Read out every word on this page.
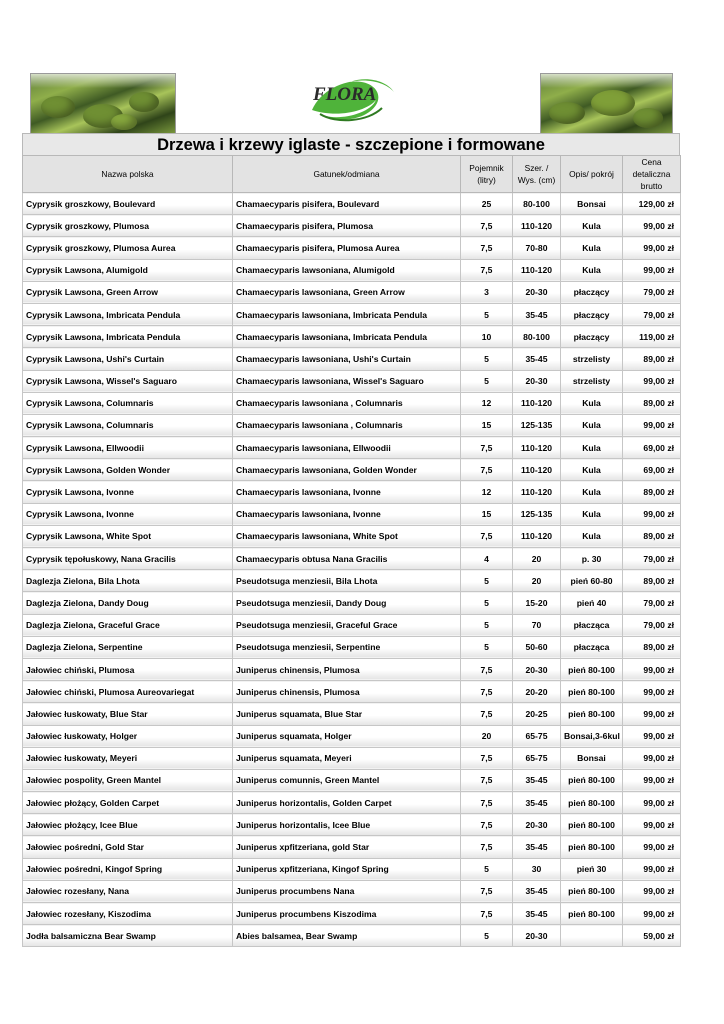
FLORA
Drzewa i krzewy iglaste - szczepione i formowane
Nazwa polska	Gatunek/odmiana	Pojemnik (litry)	Szer. / Wys. (cm)	Opis/ pokrój	Cena detaliczna brutto
Cyprysik groszkowy, Boulevard	Chamaecyparis pisifera, Boulevard	25	80-100	Bonsai	129,00 zł
Cyprysik groszkowy, Plumosa	Chamaecyparis pisifera, Plumosa	7,5	110-120	Kula	99,00 zł
Cyprysik groszkowy, Plumosa Aurea	Chamaecyparis pisifera, Plumosa Aurea	7,5	70-80	Kula	99,00 zł
Cyprysik Lawsona, Alumigold	Chamaecyparis lawsoniana, Alumigold	7,5	110-120	Kula	99,00 zł
Cyprysik Lawsona, Green Arrow	Chamaecyparis lawsoniana, Green Arrow	3	20-30	płaczący	79,00 zł
Cyprysik Lawsona, Imbricata Pendula	Chamaecyparis lawsoniana, Imbricata Pendula	5	35-45	płaczący	79,00 zł
Cyprysik Lawsona, Imbricata Pendula	Chamaecyparis lawsoniana, Imbricata Pendula	10	80-100	płaczący	119,00 zł
Cyprysik Lawsona, Ushi's Curtain	Chamaecyparis lawsoniana, Ushi's Curtain	5	35-45	strzelisty	89,00 zł
Cyprysik Lawsona, Wissel's Saguaro	Chamaecyparis lawsoniana, Wissel's Saguaro	5	20-30	strzelisty	99,00 zł
Cyprysik Lawsona, Columnaris	Chamaecyparis lawsoniana , Columnaris	12	110-120	Kula	89,00 zł
Cyprysik Lawsona, Columnaris	Chamaecyparis lawsoniana , Columnaris	15	125-135	Kula	99,00 zł
Cyprysik Lawsona, Ellwoodii	Chamaecyparis lawsoniana, Ellwoodii	7,5	110-120	Kula	69,00 zł
Cyprysik Lawsona, Golden Wonder	Chamaecyparis lawsoniana, Golden Wonder	7,5	110-120	Kula	69,00 zł
Cyprysik Lawsona, Ivonne	Chamaecyparis lawsoniana, Ivonne	12	110-120	Kula	89,00 zł
Cyprysik Lawsona, Ivonne	Chamaecyparis lawsoniana, Ivonne	15	125-135	Kula	99,00 zł
Cyprysik Lawsona, White Spot	Chamaecyparis lawsoniana, White Spot	7,5	110-120	Kula	89,00 zł
Cyprysik tępołuskowy, Nana Gracilis	Chamaecyparis obtusa Nana Gracilis	4	20	p. 30	79,00 zł
Daglezja Zielona, Bila Lhota	Pseudotsuga menziesii, Bila Lhota	5	20	pień 60-80	89,00 zł
Daglezja Zielona, Dandy Doug	Pseudotsuga menziesii, Dandy Doug	5	15-20	pień 40	79,00 zł
Daglezja Zielona, Graceful Grace	Pseudotsuga menziesii, Graceful Grace	5	70	płacząca	79,00 zł
Daglezja Zielona, Serpentine	Pseudotsuga menziesii, Serpentine	5	50-60	płacząca	89,00 zł
Jałowiec chiński, Plumosa	Juniperus chinensis, Plumosa	7,5	20-30	pień 80-100	99,00 zł
Jałowiec chiński, Plumosa Aureovariegat	Juniperus chinensis, Plumosa	7,5	20-20	pień 80-100	99,00 zł
Jałowiec łuskowaty, Blue Star	Juniperus squamata, Blue Star	7,5	20-25	pień 80-100	99,00 zł
Jałowiec łuskowaty, Holger	Juniperus squamata, Holger	20	65-75	Bonsai,3-6kul	99,00 zł
Jałowiec łuskowaty, Meyeri	Juniperus squamata, Meyeri	7,5	65-75	Bonsai	99,00 zł
Jałowiec pospolity, Green Mantel	Juniperus comunnis, Green Mantel	7,5	35-45	pień 80-100	99,00 zł
Jałowiec płożący, Golden Carpet	Juniperus horizontalis, Golden Carpet	7,5	35-45	pień 80-100	99,00 zł
Jałowiec płożący, Icee Blue	Juniperus horizontalis, Icee Blue	7,5	20-30	pień 80-100	99,00 zł
Jałowiec pośredni, Gold Star	Juniperus xpfitzeriana, gold Star	7,5	35-45	pień 80-100	99,00 zł
Jałowiec pośredni, Kingof Spring	Juniperus xpfitzeriana, Kingof Spring	5	30	pień 30	99,00 zł
Jałowiec rozesłany, Nana	Juniperus procumbens Nana	7,5	35-45	pień 80-100	99,00 zł
Jałowiec rozesłany, Kiszodima	Juniperus procumbens Kiszodima	7,5	35-45	pień 80-100	99,00 zł
Jodła balsamiczna Bear Swamp	Abies balsamea, Bear Swamp	5	20-30		59,00 zł
